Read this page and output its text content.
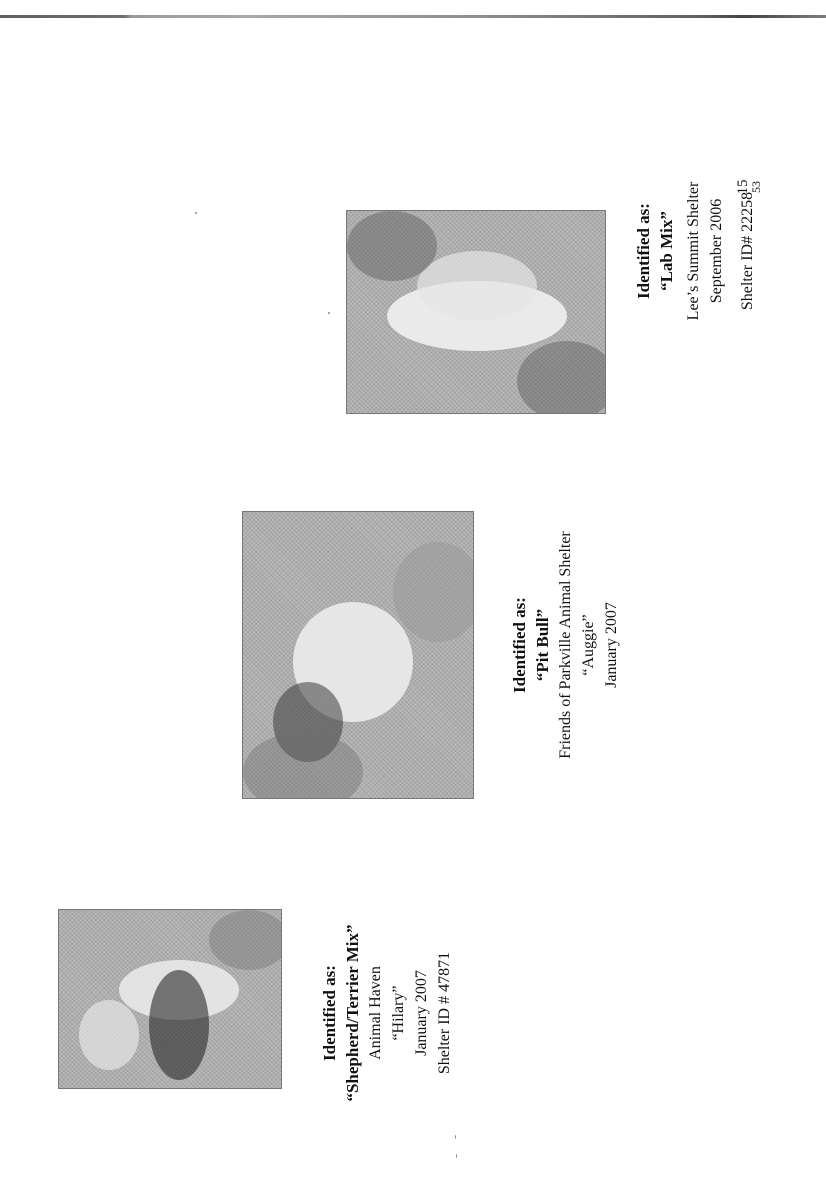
15
53
Identified as: “Lab Mix” Lee’s Summit Shelter September 2006 Shelter ID# 22258
Identified as: “Pit Bull” Friends of Parkville Animal Shelter “Auggie” January 2007
Identified as: “Shepherd/Terrier Mix” Animal Haven “Hilary” January 2007 Shelter ID # 47871
